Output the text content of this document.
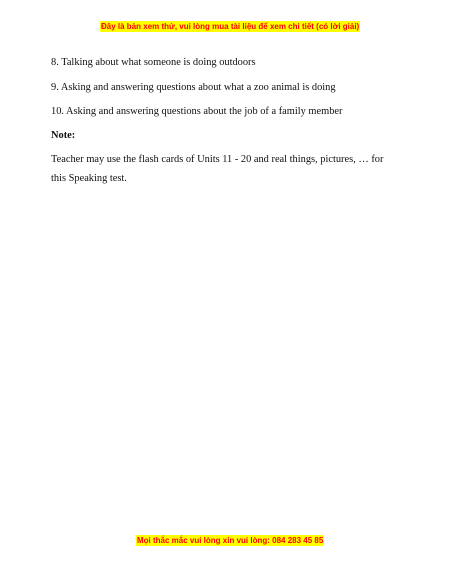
Đây là bản xem thử, vui lòng mua tài liệu để xem chi tiết (có lời giải)
8. Talking about what someone is doing outdoors
9. Asking and answering questions about what a zoo animal is doing
10. Asking and answering questions about the job of a family member
Note:
Teacher may use the flash cards of Units 11 - 20 and real things, pictures, … for this Speaking test.
Mọi thắc mắc vui lòng xin vui lòng: 084 283 45 85
